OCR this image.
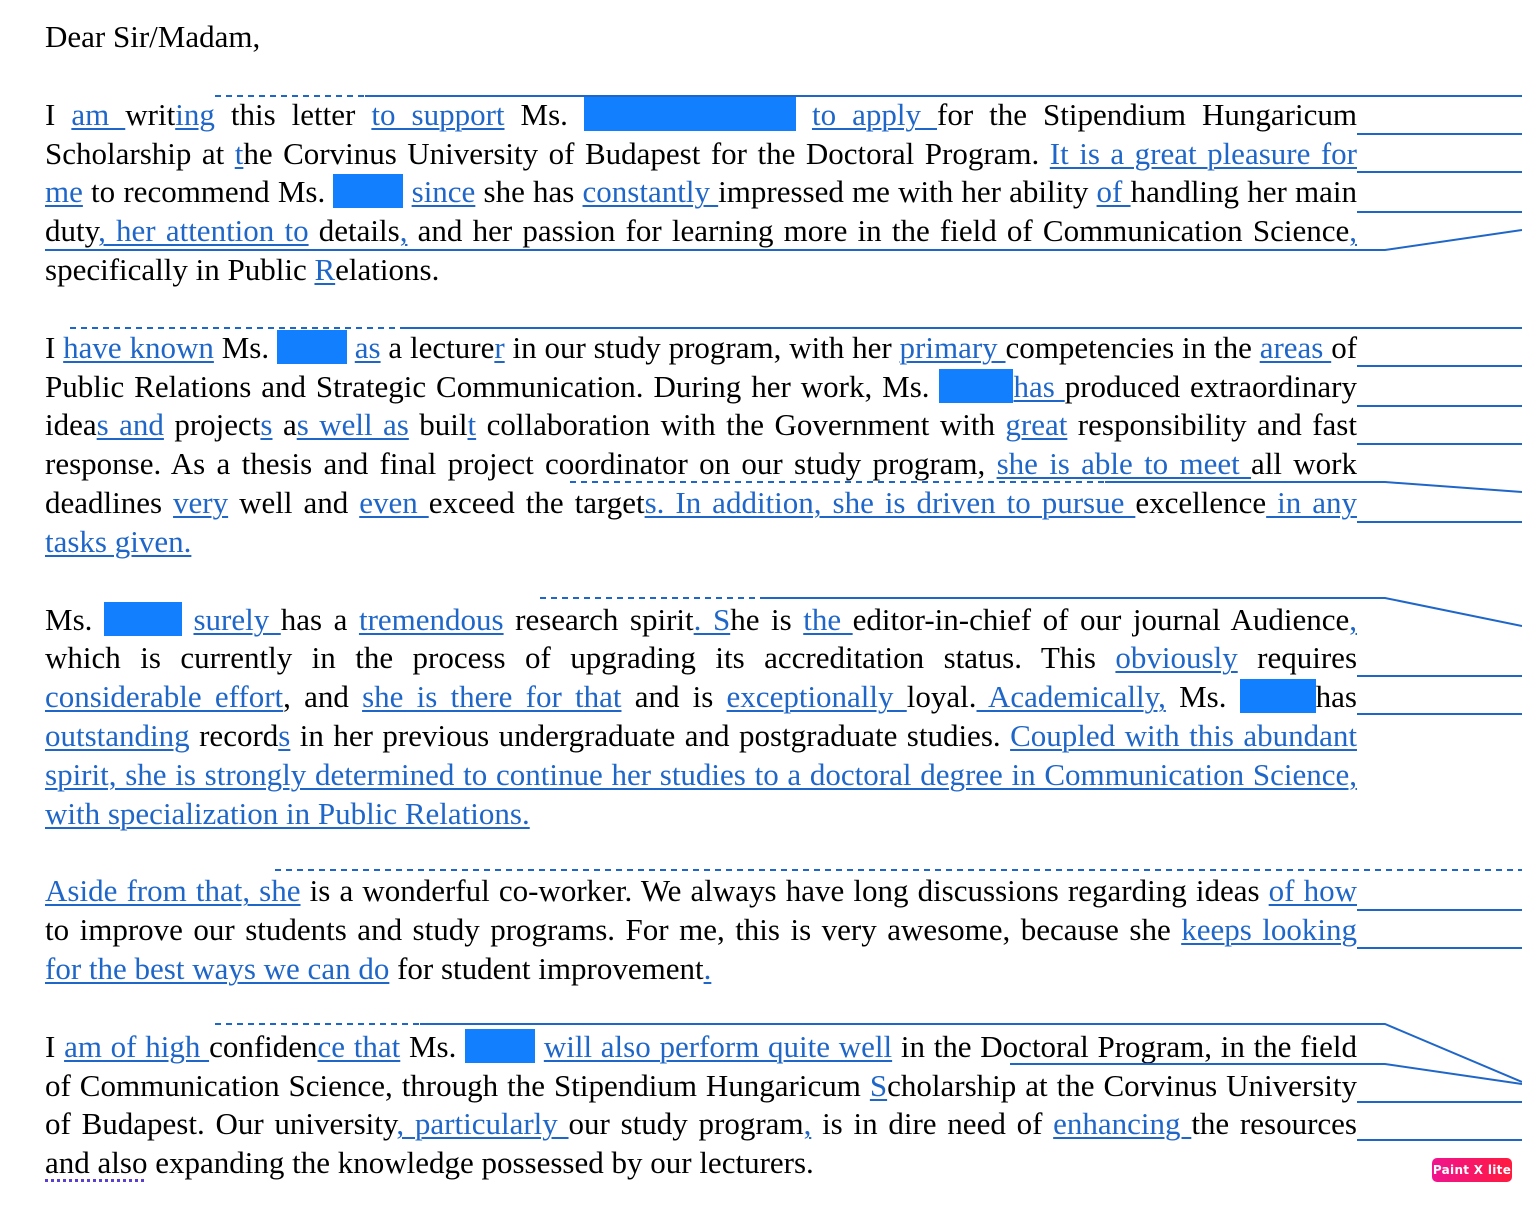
Dear Sir/Madam,

I am writing this letter to support Ms.	to apply for the Stipendium Hungaricum Scholarship at the Corvinus University of Budapest for the Doctoral Program. It is a great pleasure for me to recommend Ms.	since she has constantly impressed me with her ability of handling her main duty, her attention to details, and her passion for learning more in the field of Communication Science, specifically in Public Relations.

I have known Ms.	as a lecturer in our study program, with her primary competencies in the areas of Public Relations and Strategic Communication. During her work, Ms. has produced extraordinary ideas and projects as well as built collaboration with the Government with great responsibility and fast response. As a thesis and final project coordinator on our study program, she is able to meet all work deadlines very well and even exceed the targets. In addition, she is driven to pursue excellence in any tasks given.

Ms.	surely has a tremendous research spirit. She is the editor-in-chief of our journal Audience, which is currently in the process of upgrading its accreditation status. This obviously requires considerable effort, and she is there for that and is exceptionally loyal. Academically, Ms. has outstanding records in her previous undergraduate and postgraduate studies. Coupled with this abundant spirit, she is strongly determined to continue her studies to a doctoral degree in Communication Science, with specialization in Public Relations.

Aside from that, she is a wonderful co-worker. We always have long discussions regarding ideas of how to improve our students and study programs. For me, this is very awesome, because she keeps looking for the best ways we can do for student improvement.

I am of high confidence that Ms.	will also perform quite well in the Doctoral Program, in the field of Communication Science, through the Stipendium Hungaricum Scholarship at the Corvinus University of Budapest. Our university, particularly our study program, is in dire need of enhancing the resources and also expanding the knowledge possessed by our lecturers.	Paint X lite
